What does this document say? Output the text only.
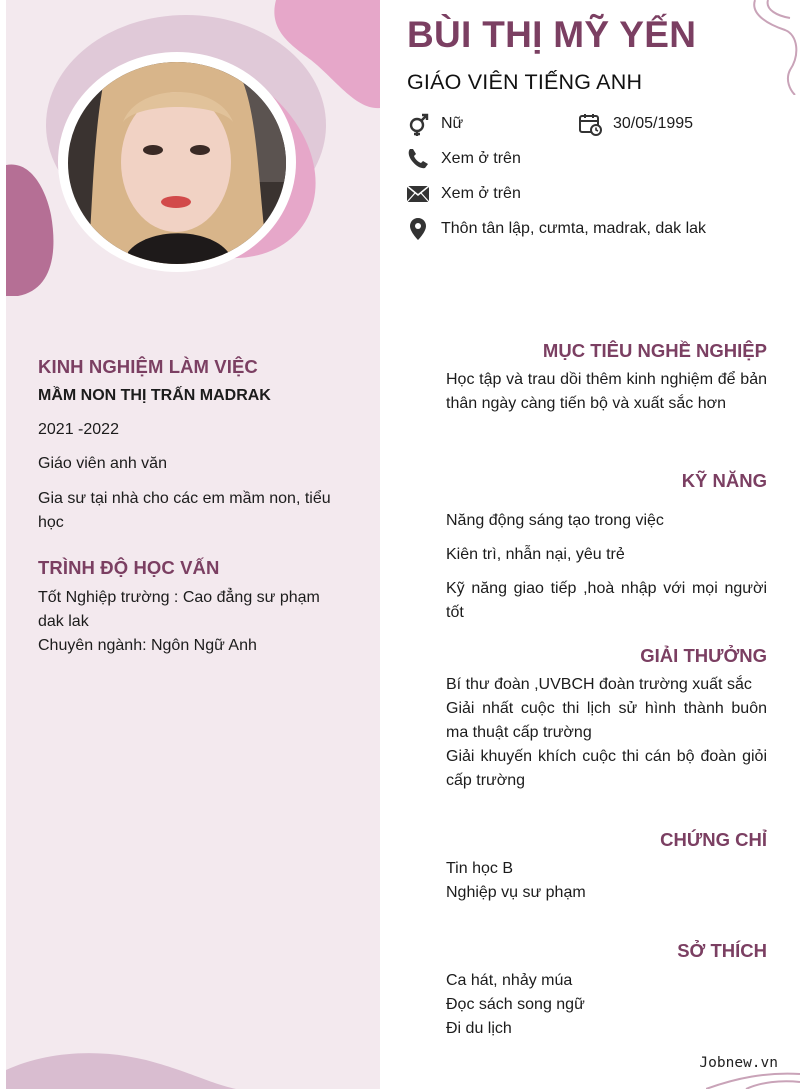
KINH NGHIỆM LÀM VIỆC
MẦM NON THỊ TRẤN MADRAK
2021 -2022
Giáo viên anh văn
Gia sư tại nhà cho các em mầm non, tiểu
học
TRÌNH ĐỘ HỌC VẤN
Tốt Nghiệp trường : Cao đẳng sư phạm
dak lak
Chuyên ngành: Ngôn Ngữ Anh
BÙI THỊ MỸ YẾN
GIÁO VIÊN TIẾNG ANH
Nữ	30/05/1995
Xem ở trên
Xem ở trên
Thôn tân lập, cưmta, madrak, dak lak
MỤC TIÊU NGHỀ NGHIỆP
Học tập và trau dồi thêm kinh nghiệm để bản thân ngày càng tiến bộ và xuất sắc hơn
KỸ NĂNG
Năng động sáng tạo trong việc
Kiên trì, nhẫn nại, yêu trẻ
Kỹ năng giao tiếp ,hoà nhập với mọi người tốt
GIẢI THƯỞNG
Bí thư đoàn ,UVBCH đoàn trường xuất sắc
Giải nhất cuộc thi lịch sử hình thành buôn ma thuật cấp trường
Giải khuyến khích cuộc thi cán bộ đoàn giỏi cấp trường
CHỨNG CHỈ
Tin học B
Nghiệp vụ sư phạm
SỞ THÍCH
Ca hát, nhảy múa
Đọc sách song ngữ
Đi du lịch
Jobnew.vn
